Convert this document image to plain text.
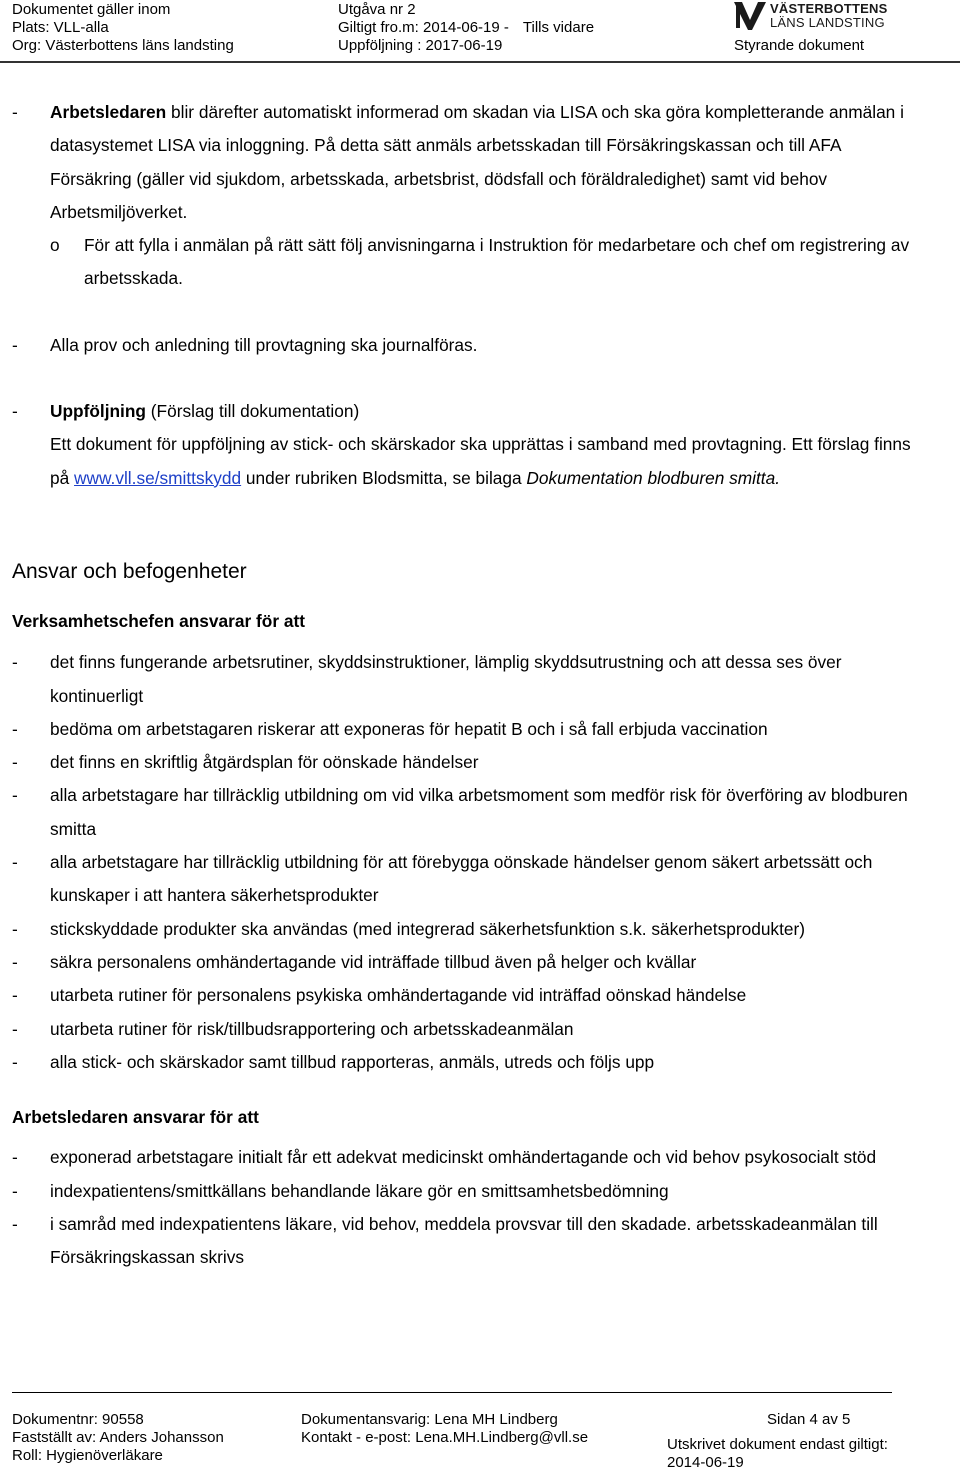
Dokumentet gäller inom
Plats: VLL-alla
Org: Västerbottens läns landsting
Utgåva nr 2
Giltigt fro.m: 2014-06-19 - Tills vidare
Uppföljning : 2017-06-19
VÄSTERBOTTENS
LÄNS LANDSTING
Styrande dokument
- Arbetsledaren blir därefter automatiskt informerad om skadan via LISA och ska göra kompletterande anmälan i datasystemet LISA via inloggning. På detta sätt anmäls arbetsskadan till Försäkringskassan och till AFA Försäkring (gäller vid sjukdom, arbetsskada, arbetsbrist, dödsfall och föräldraledighet) samt vid behov Arbetsmiljöverket.
o För att fylla i anmälan på rätt sätt följ anvisningarna i Instruktion för medarbetare och chef om registrering av arbetsskada.
- Alla prov och anledning till provtagning ska journalföras.
- Uppföljning (Förslag till dokumentation)
Ett dokument för uppföljning av stick- och skärskador ska upprättas i samband med provtagning. Ett förslag finns på www.vll.se/smittskydd under rubriken Blodsmitta, se bilaga Dokumentation blodburen smitta.
Ansvar och befogenheter
Verksamhetschefen ansvarar för att
- det finns fungerande arbetsrutiner, skyddsinstruktioner, lämplig skyddsutrustning och att dessa ses över kontinuerligt
- bedöma om arbetstagaren riskerar att exponeras för hepatit B och i så fall erbjuda vaccination
- det finns en skriftlig åtgärdsplan för oönskade händelser
- alla arbetstagare har tillräcklig utbildning om vid vilka arbetsmoment som medför risk för överföring av blodburen smitta
- alla arbetstagare har tillräcklig utbildning för att förebygga oönskade händelser genom säkert arbetssätt och kunskaper i att hantera säkerhetsprodukter
- stickskyddade produkter ska användas (med integrerad säkerhetsfunktion s.k. säkerhetsprodukter)
- säkra personalens omhändertagande vid inträffade tillbud även på helger och kvällar
- utarbeta rutiner för personalens psykiska omhändertagande vid inträffad oönskad händelse
- utarbeta rutiner för risk/tillbudsrapportering och arbetsskadeanmälan
- alla stick- och skärskador samt tillbud rapporteras, anmäls, utreds och följs upp
Arbetsledaren ansvarar för att
- exponerad arbetstagare initialt får ett adekvat medicinskt omhändertagande och vid behov psykosocialt stöd
- indexpatientens/smittkällans behandlande läkare gör en smittsamhetsbedömning
- i samråd med indexpatientens läkare, vid behov, meddela provsvar till den skadade. arbetsskadeanmälan till Försäkringskassan skrivs
Dokumentnr: 90558
Fastställt av: Anders Johansson
Roll: Hygienöverläkare
Dokumentansvarig: Lena MH Lindberg
Kontakt - e-post: Lena.MH.Lindberg@vll.se
Sidan 4 av 5
Utskrivet dokument endast giltigt:
2014-06-19
